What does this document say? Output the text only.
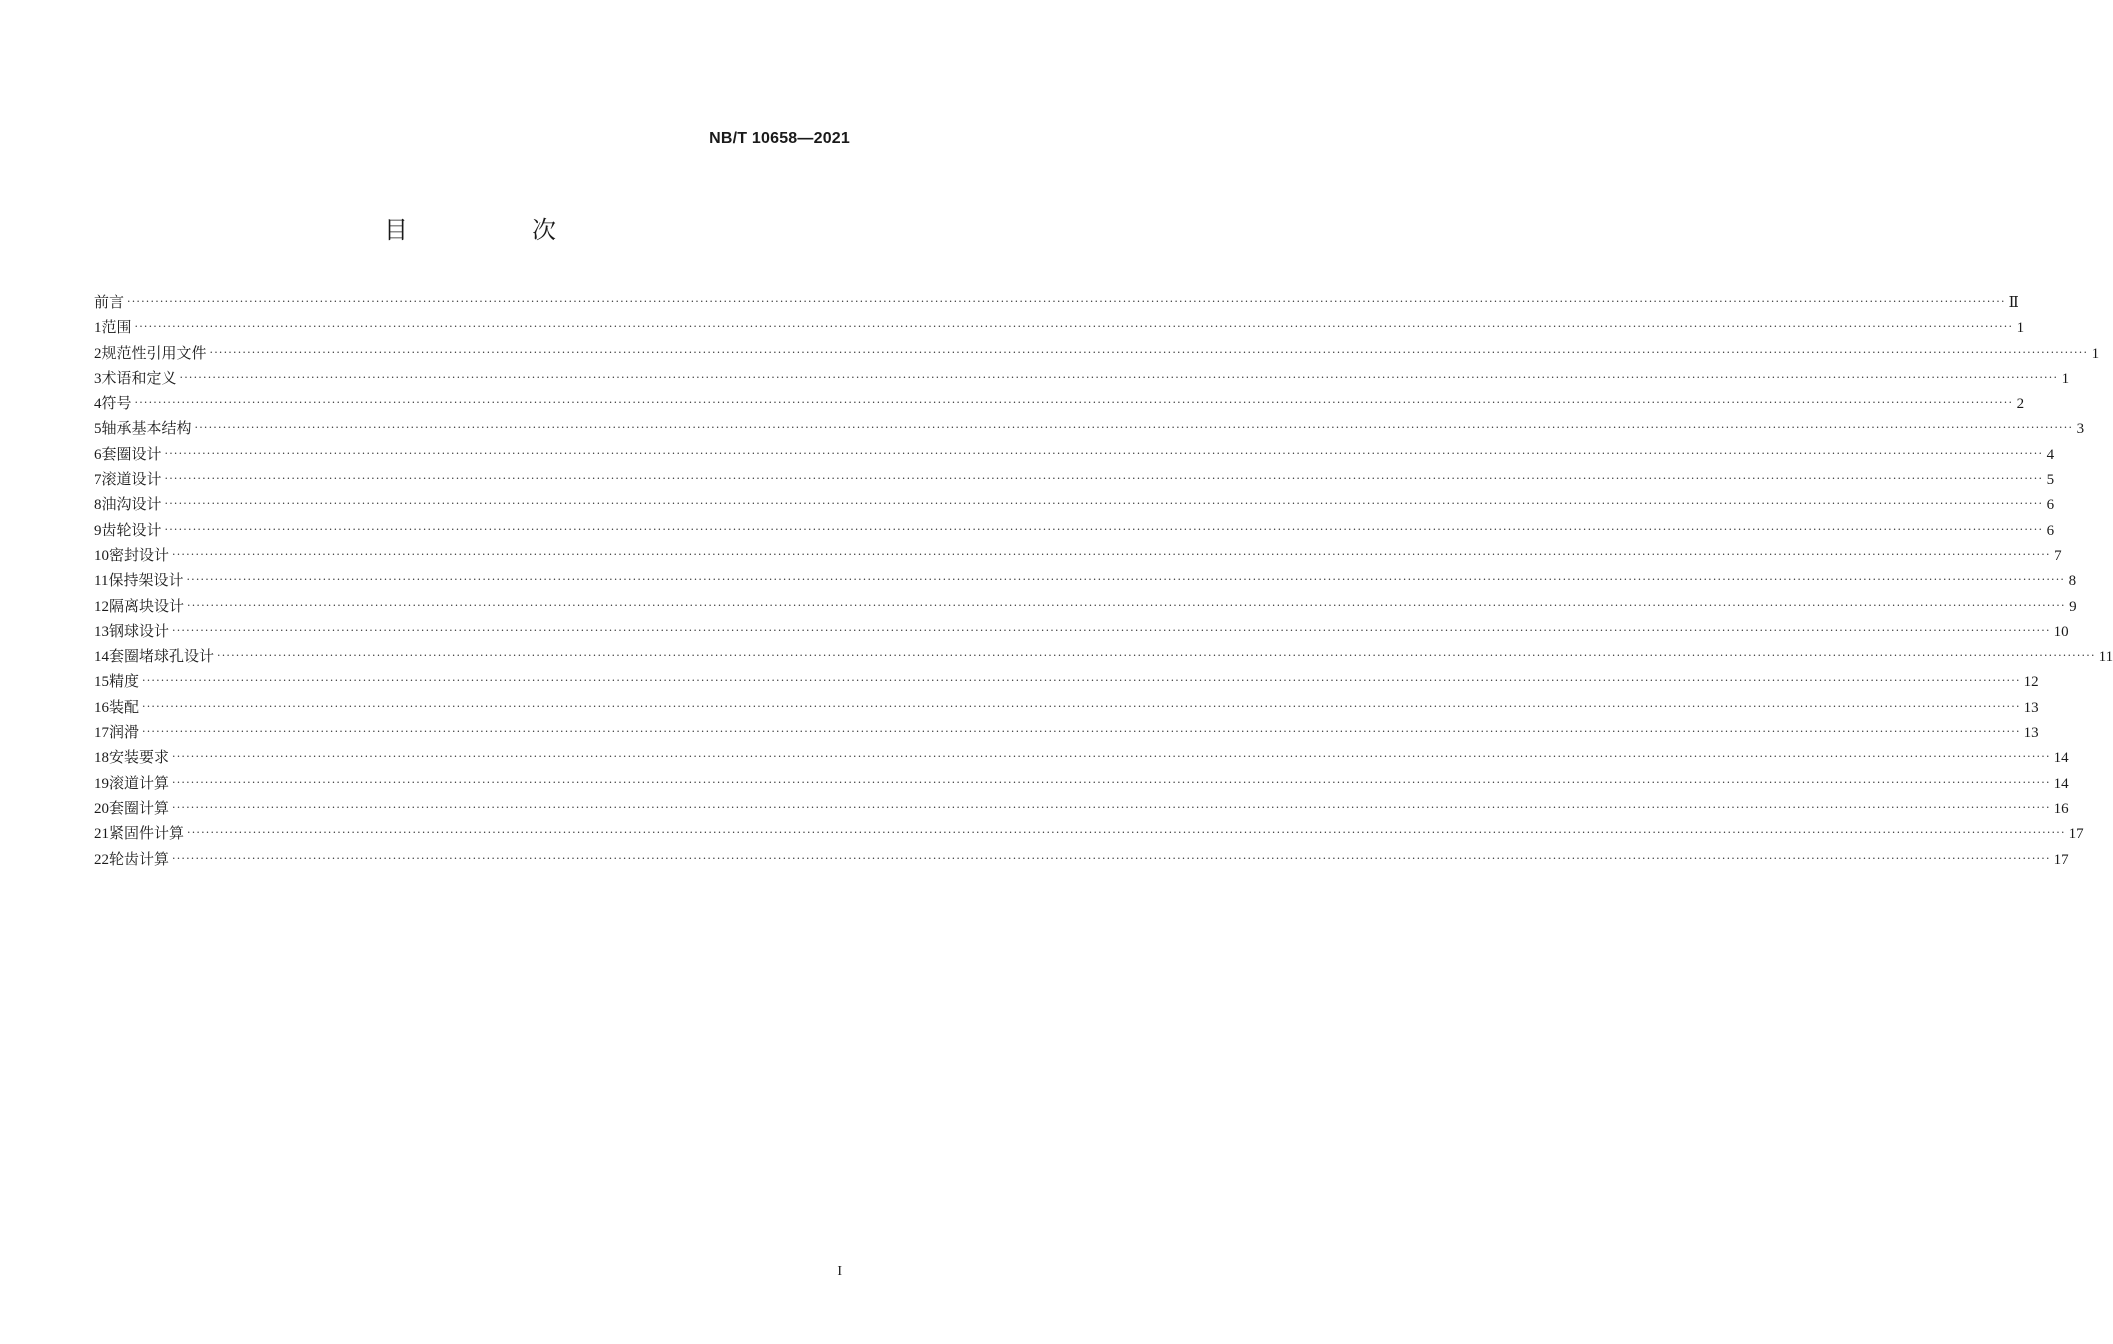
NB/T 10658—2021
目　次
前言 ················································································································································································································································································································································································································ Ⅱ
1 范围 ················································································································································································································································································································································································································ 1
2 规范性引用文件 ················································································································································································································································································································································································································ 1
3 术语和定义 ················································································································································································································································································································································································································ 1
4 符号 ················································································································································································································································································································································································································ 2
5 轴承基本结构 ················································································································································································································································································································································································································ 3
6 套圈设计 ················································································································································································································································································································································································································ 4
7 滚道设计 ················································································································································································································································································································································································································ 5
8 油沟设计 ················································································································································································································································································································································································································ 6
9 齿轮设计 ················································································································································································································································································································································································································ 6
10 密封设计 ················································································································································································································································································································································································································ 7
11 保持架设计 ················································································································································································································································································································································································································ 8
12 隔离块设计 ················································································································································································································································································································································································································ 9
13 钢球设计 ················································································································································································································································································································································································································ 10
14 套圈堵球孔设计 ················································································································································································································································································································································································································ 11
15 精度 ················································································································································································································································································································································································································ 12
16 装配 ················································································································································································································································································································································································································ 13
17 润滑 ················································································································································································································································································································································································································ 13
18 安装要求 ················································································································································································································································································································································································································ 14
19 滚道计算 ················································································································································································································································································································································································································ 14
20 套圈计算 ················································································································································································································································································································································································································ 16
21 紧固件计算 ················································································································································································································································································································································································································ 17
22 轮齿计算 ················································································································································································································································································································································································································ 17
I
